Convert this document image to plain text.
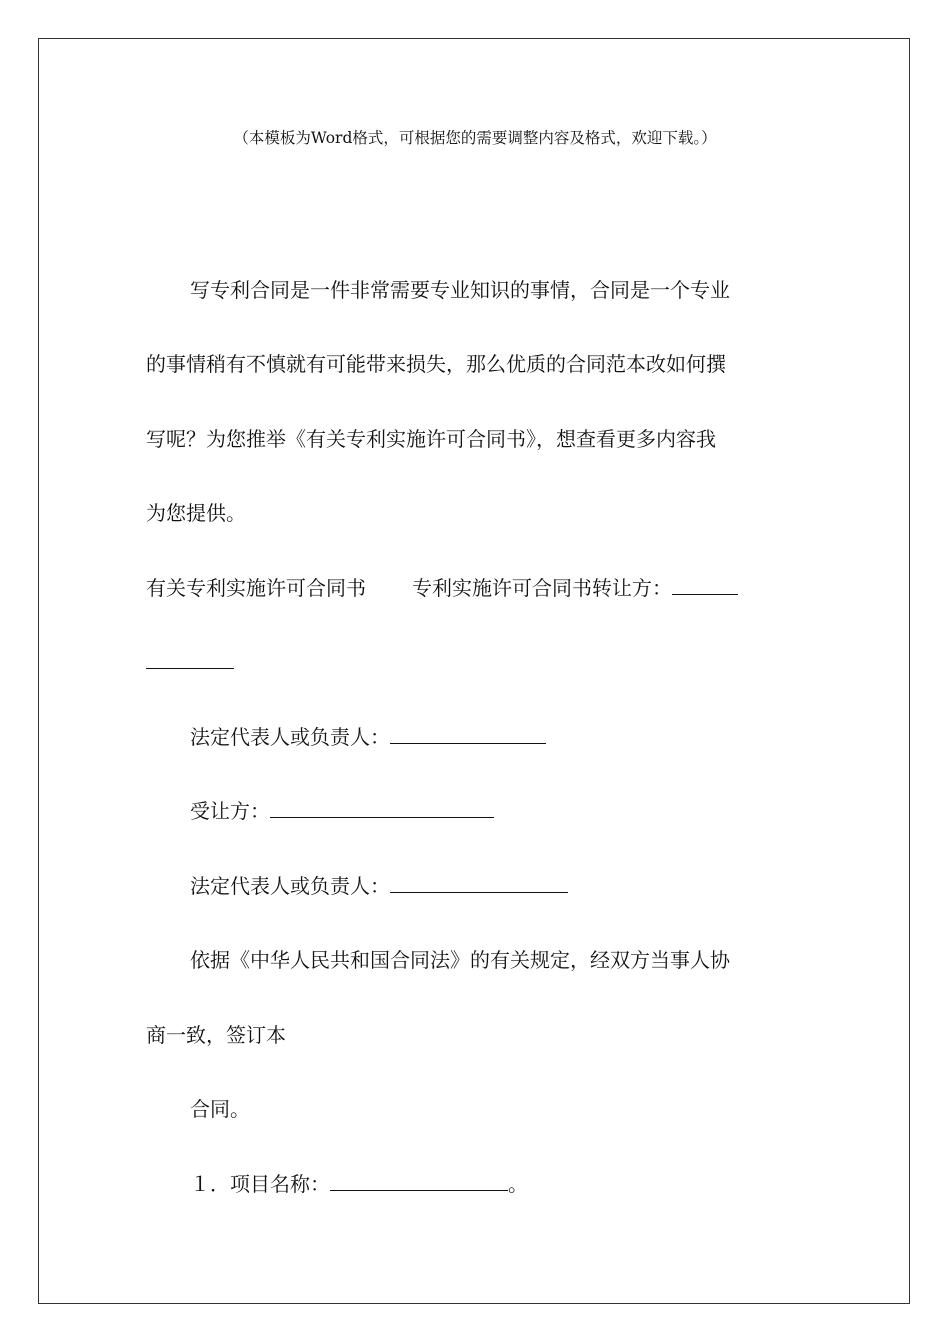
（本模板为Word格式，可根据您的需要调整内容及格式，欢迎下载。）
写专利合同是一件非常需要专业知识的事情，合同是一个专业
的事情稍有不慎就有可能带来损失，那么优质的合同范本改如何撰
写呢？为您推举《有关专利实施许可合同书》，想查看更多内容我
为您提供。
有关专利实施许可合同书 专利实施许可合同书转让方：
法定代表人或负责人：
受让方：
法定代表人或负责人：
依据《中华人民共和国合同法》的有关规定，经双方当事人协
商一致，签订本
合同。
１．项目名称：	。
